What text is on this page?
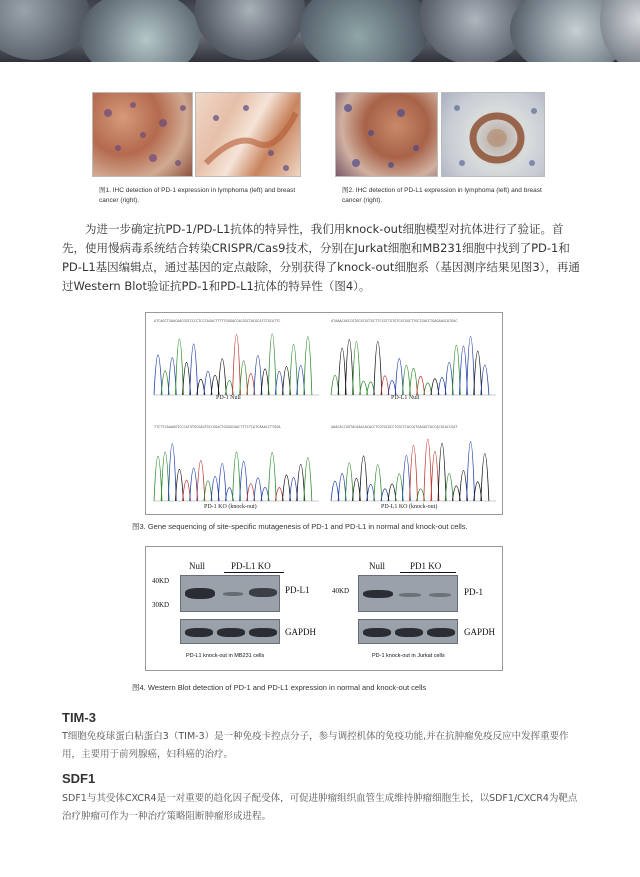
图1. IHC detection of PD-1 expression in lymphoma (left) and breast cancer (right).
图2. IHC detection of PD-L1 expression in lymphoma (left) and breast cancer (right).
为进一步确定抗PD-1/PD-L1抗体的特异性，我们用knock-out细胞模型对抗体进行了验证。首先，使用慢病毒系统结合转染CRISPR/Cas9技术，分别在Jurkat细胞和MB231细胞中找到了PD-1和PD-L1基因编辑点，通过基因的定点敲除，分别获得了knock-out细胞系（基因测序结果见图3），再通过Western Blot验证抗PD-1和PD-L1抗体的特异性（图4）。
ATCAGCTGAACAACGGTCCCCTCCCAGACTTTTTGGGACCACGGCTACGCATCTGCATTC	ATAAACAGCCGTGCATGCTGCTTCCGTTGTGTCATGGCTTGCTGACCTGAGAAGCATGAC
TTCTTCAAAGGTCCCATGTGCGAGTGCCGGACTGGGGCAACTTTCTCATCAAACCTTGGA	AAACACCGGTACAAACACACCTCGTGCGCCTCGCCTACCATGAGACTACCACGCACCGAT
PD-1 Null	PD-L1 Null
PD-1 KO (knock-out)	PD-L1 KO (knock-out)
图3. Gene sequencing of site-specific mutagenesis of PD-1 and PD-L1 in normal and knock-out cells.
Null	PD-L1 KO
40KD
30KD
PD-L1
GAPDH
PD-L1 knock-out in MB231 cells
Null	PD1 KO
40KD	PD-1
GAPDH
PD-1 knock-out in Jurkat cells
图4. Western Blot detection of PD-1 and PD-L1 expression in normal and knock-out cells
TIM-3
T细胞免疫球蛋白粘蛋白3（TIM-3）是一种免疫卡控点分子，参与调控机体的免疫功能,并在抗肿瘤免疫反应中发挥重要作用，主要用于前列腺癌，妇科癌的治疗。
SDF1
SDF1与其受体CXCR4是一对重要的趋化因子配受体，可促进肿瘤组织血管生成维持肿瘤细胞生长，以SDF1/CXCR4为靶点治疗肿瘤可作为一种治疗策略阻断肿瘤形成进程。
